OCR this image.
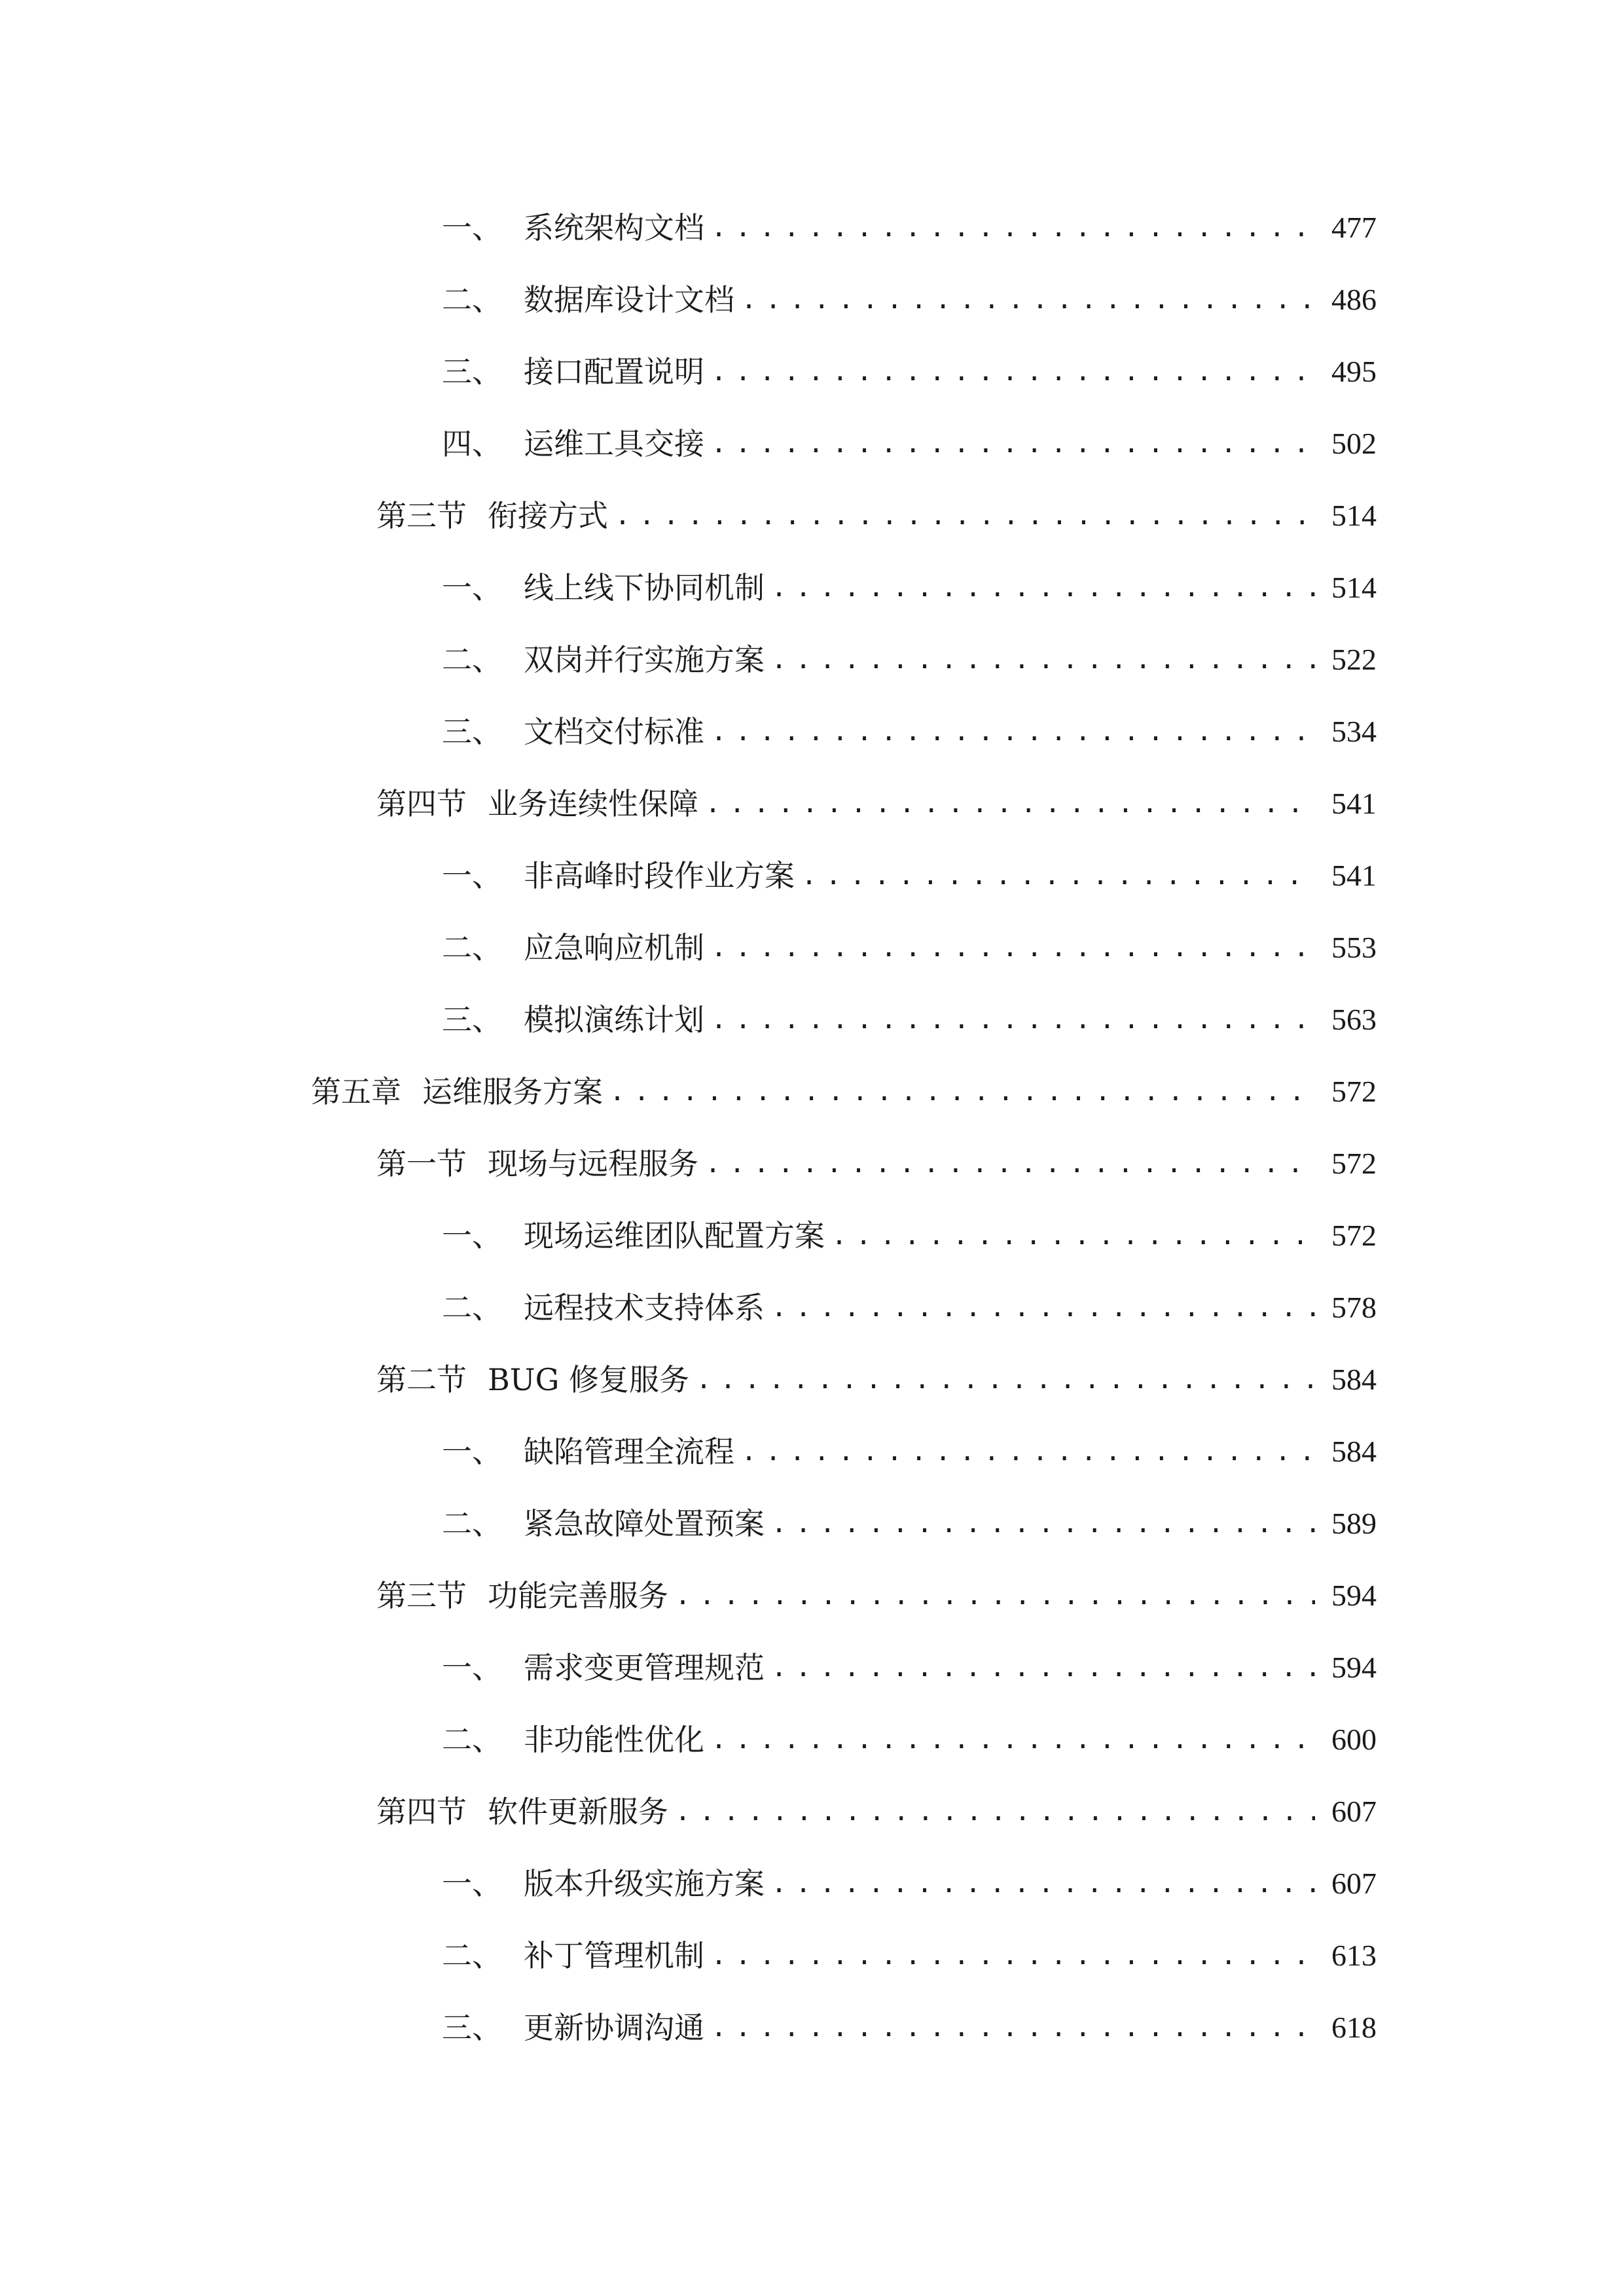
一、 系统架构文档 .....	477
二、 数据库设计文档 .....	486
三、 接口配置说明 .....	495
四、 运维工具交接 .....	502
第三节 衔接方式 .....	514
一、 线上线下协同机制 .....	514
二、 双岗并行实施方案 .....	522
三、 文档交付标准 .....	534
第四节 业务连续性保障 .....	541
一、 非高峰时段作业方案 .....	541
二、 应急响应机制 .....	553
三、 模拟演练计划 .....	563
第五章 运维服务方案 .....	572
第一节 现场与远程服务 .....	572
一、 现场运维团队配置方案 .....	572
二、 远程技术支持体系 .....	578
第二节 BUG 修复服务 .....	584
一、 缺陷管理全流程 .....	584
二、 紧急故障处置预案 .....	589
第三节 功能完善服务 .....	594
一、 需求变更管理规范 .....	594
二、 非功能性优化 .....	600
第四节 软件更新服务 .....	607
一、 版本升级实施方案 .....	607
二、 补丁管理机制 .....	613
三、 更新协调沟通 .....	618
